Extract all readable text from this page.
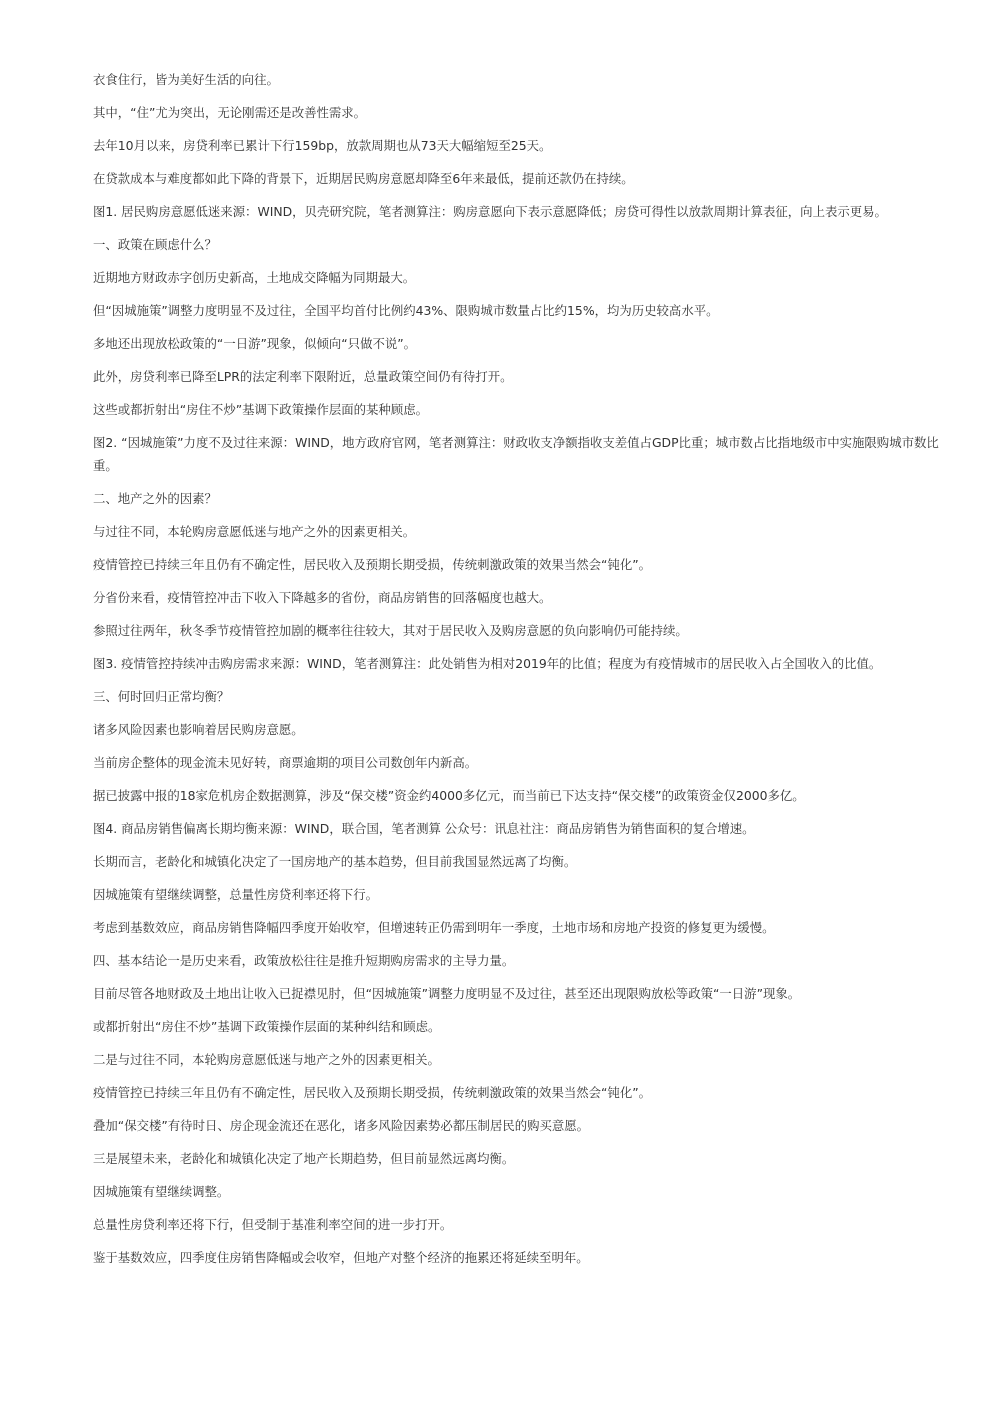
衣食住行，皆为美好生活的向往。

其中，“住”尤为突出，无论刚需还是改善性需求。

去年10月以来，房贷利率已累计下行159bp，放款周期也从73天大幅缩短至25天。

在贷款成本与难度都如此下降的背景下，近期居民购房意愿却降至6年来最低，提前还款仍在持续。

图1. 居民购房意愿低迷来源：WIND，贝壳研究院，笔者测算注：购房意愿向下表示意愿降低；房贷可得性以放款周期计算表征，向上表示更易。

一、政策在顾虑什么？

近期地方财政赤字创历史新高，土地成交降幅为同期最大。

但“因城施策”调整力度明显不及过往，全国平均首付比例约43%、限购城市数量占比约15%，均为历史较高水平。

多地还出现放松政策的“一日游”现象，似倾向“只做不说”。

此外，房贷利率已降至LPR的法定利率下限附近，总量政策空间仍有待打开。

这些或都折射出“房住不炒”基调下政策操作层面的某种顾虑。

图2. “因城施策”力度不及过往来源：WIND，地方政府官网，笔者测算注：财政收支净额指收支差值占GDP比重；城市数占比指地级市中实施限购城市数比重。

二、地产之外的因素？

与过往不同，本轮购房意愿低迷与地产之外的因素更相关。

疫情管控已持续三年且仍有不确定性，居民收入及预期长期受损，传统刺激政策的效果当然会“钝化”。

分省份来看，疫情管控冲击下收入下降越多的省份，商品房销售的回落幅度也越大。

参照过往两年，秋冬季节疫情管控加剧的概率往往较大，其对于居民收入及购房意愿的负向影响仍可能持续。

图3. 疫情管控持续冲击购房需求来源：WIND，笔者测算注：此处销售为相对2019年的比值；程度为有疫情城市的居民收入占全国收入的比值。

三、何时回归正常均衡？

诸多风险因素也影响着居民购房意愿。

当前房企整体的现金流未见好转，商票逾期的项目公司数创年内新高。

据已披露中报的18家危机房企数据测算，涉及“保交楼”资金约4000多亿元，而当前已下达支持“保交楼”的政策资金仅2000多亿。

图4. 商品房销售偏离长期均衡来源：WIND，联合国，笔者测算 公众号：讯息社注：商品房销售为销售面积的复合增速。

长期而言，老龄化和城镇化决定了一国房地产的基本趋势，但目前我国显然远离了均衡。

因城施策有望继续调整，总量性房贷利率还将下行。

考虑到基数效应，商品房销售降幅四季度开始收窄，但增速转正仍需到明年一季度，土地市场和房地产投资的修复更为缓慢。

四、基本结论一是历史来看，政策放松往往是推升短期购房需求的主导力量。

目前尽管各地财政及土地出让收入已捉襟见肘，但“因城施策”调整力度明显不及过往，甚至还出现限购放松等政策“一日游”现象。

或都折射出“房住不炒”基调下政策操作层面的某种纠结和顾虑。

二是与过往不同，本轮购房意愿低迷与地产之外的因素更相关。

疫情管控已持续三年且仍有不确定性，居民收入及预期长期受损，传统刺激政策的效果当然会“钝化”。

叠加“保交楼”有待时日、房企现金流还在恶化，诸多风险因素势必都压制居民的购买意愿。

三是展望未来，老龄化和城镇化决定了地产长期趋势，但目前显然远离均衡。

因城施策有望继续调整。

总量性房贷利率还将下行，但受制于基准利率空间的进一步打开。

鉴于基数效应，四季度住房销售降幅或会收窄，但地产对整个经济的拖累还将延续至明年。
